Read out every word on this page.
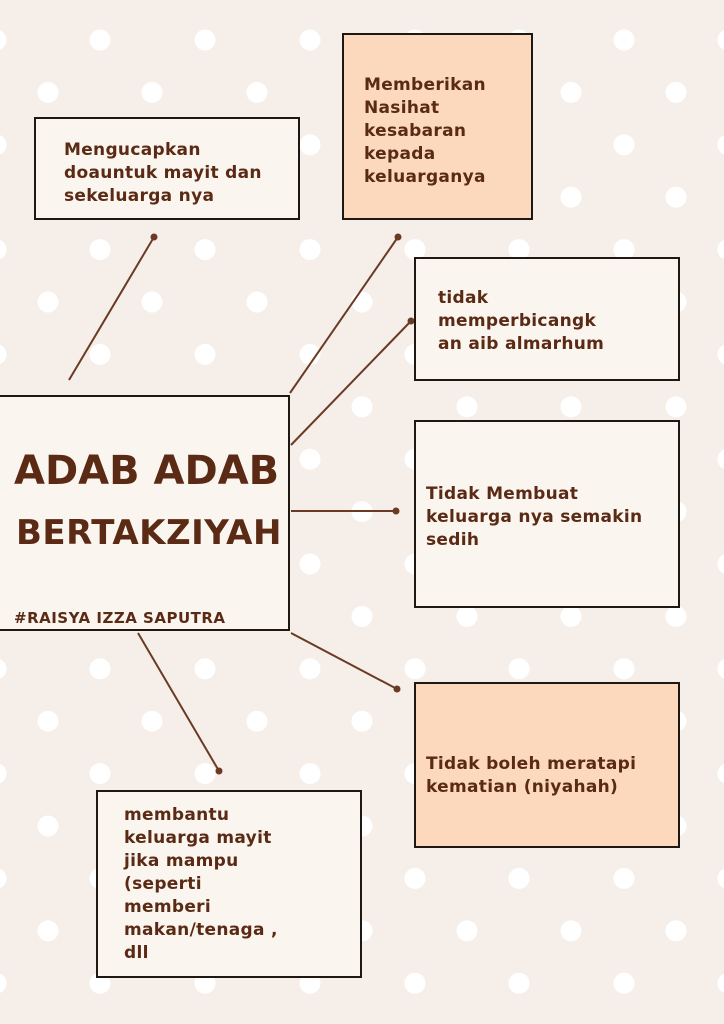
ADAB ADAB
BERTAKZIYAH
#RAISYA IZZA SAPUTRA
Mengucapkan
doauntuk mayit dan
sekeluarga nya
Memberikan
Nasihat
kesabaran
kepada
keluarganya
tidak
memperbicangk
an aib almarhum
Tidak Membuat
keluarga nya semakin
sedih
Tidak boleh meratapi
kematian (niyahah)
membantu
keluarga mayit
jika mampu
(seperti
memberi
makan/tenaga ,
dll
